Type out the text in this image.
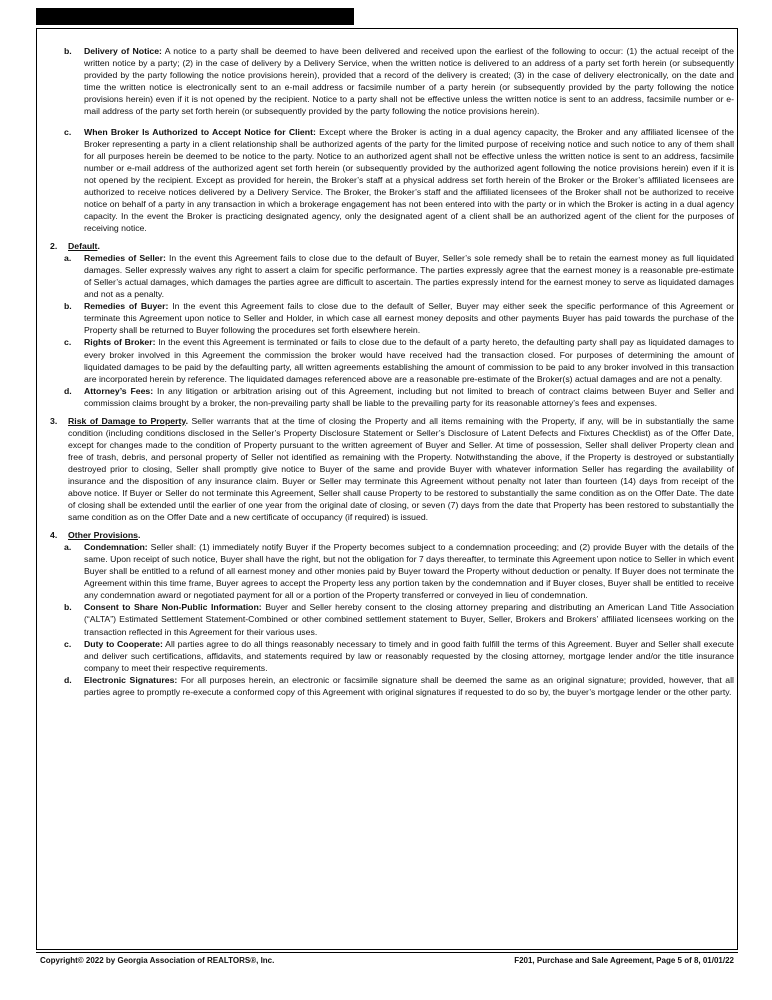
b. Delivery of Notice: A notice to a party shall be deemed to have been delivered and received upon the earliest of the following to occur: (1) the actual receipt of the written notice by a party; (2) in the case of delivery by a Delivery Service, when the written notice is delivered to an address of a party set forth herein (or subsequently provided by the party following the notice provisions herein), provided that a record of the delivery is created; (3) in the case of delivery electronically, on the date and time the written notice is electronically sent to an e-mail address or facsimile number of a party herein (or subsequently provided by the party following the notice provisions herein) even if it is not opened by the recipient. Notice to a party shall not be effective unless the written notice is sent to an address, facsimile number or e-mail address of the party set forth herein (or subsequently provided by the party following the notice provisions herein).

c. When Broker Is Authorized to Accept Notice for Client: Except where the Broker is acting in a dual agency capacity, the Broker and any affiliated licensee of the Broker representing a party in a client relationship shall be authorized agents of the party for the limited purpose of receiving notice and such notice to any of them shall for all purposes herein be deemed to be notice to the party. Notice to an authorized agent shall not be effective unless the written notice is sent to an address, facsimile number or e-mail address of the authorized agent set forth herein (or subsequently provided by the authorized agent following the notice provisions herein) even if it is not opened by the recipient. Except as provided for herein, the Broker’s staff at a physical address set forth herein of the Broker or the Broker’s affiliated licensees are authorized to receive notices delivered by a Delivery Service. The Broker, the Broker’s staff and the affiliated licensees of the Broker shall not be authorized to receive notice on behalf of a party in any transaction in which a brokerage engagement has not been entered into with the party or in which the Broker is acting in a dual agency capacity. In the event the Broker is practicing designated agency, only the designated agent of a client shall be an authorized agent of the client for the purposes of receiving notice.

2. Default.

a. Remedies of Seller: In the event this Agreement fails to close due to the default of Buyer, Seller’s sole remedy shall be to retain the earnest money as full liquidated damages. Seller expressly waives any right to assert a claim for specific performance. The parties expressly agree that the earnest money is a reasonable pre-estimate of Seller’s actual damages, which damages the parties agree are difficult to ascertain. The parties expressly intend for the earnest money to serve as liquidated damages and not as a penalty.

b. Remedies of Buyer: In the event this Agreement fails to close due to the default of Seller, Buyer may either seek the specific performance of this Agreement or terminate this Agreement upon notice to Seller and Holder, in which case all earnest money deposits and other payments Buyer has paid towards the purchase of the Property shall be returned to Buyer following the procedures set forth elsewhere herein.

c. Rights of Broker: In the event this Agreement is terminated or fails to close due to the default of a party hereto, the defaulting party shall pay as liquidated damages to every broker involved in this Agreement the commission the broker would have received had the transaction closed. For purposes of determining the amount of liquidated damages to be paid by the defaulting party, all written agreements establishing the amount of commission to be paid to any broker involved in this transaction are incorporated herein by reference. The liquidated damages referenced above are a reasonable pre-estimate of the Broker(s) actual damages and are not a penalty.

d. Attorney’s Fees: In any litigation or arbitration arising out of this Agreement, including but not limited to breach of contract claims between Buyer and Seller and commission claims brought by a broker, the non-prevailing party shall be liable to the prevailing party for its reasonable attorney’s fees and expenses.

3. Risk of Damage to Property. Seller warrants that at the time of closing the Property and all items remaining with the Property, if any, will be in substantially the same condition (including conditions disclosed in the Seller’s Property Disclosure Statement or Seller’s Disclosure of Latent Defects and Fixtures Checklist) as of the Offer Date, except for changes made to the condition of Property pursuant to the written agreement of Buyer and Seller. At time of possession, Seller shall deliver Property clean and free of trash, debris, and personal property of Seller not identified as remaining with the Property. Notwithstanding the above, if the Property is destroyed or substantially destroyed prior to closing, Seller shall promptly give notice to Buyer of the same and provide Buyer with whatever information Seller has regarding the availability of insurance and the disposition of any insurance claim. Buyer or Seller may terminate this Agreement without penalty not later than fourteen (14) days from receipt of the above notice. If Buyer or Seller do not terminate this Agreement, Seller shall cause Property to be restored to substantially the same condition as on the Offer Date. The date of closing shall be extended until the earlier of one year from the original date of closing, or seven (7) days from the date that Property has been restored to substantially the same condition as on the Offer Date and a new certificate of occupancy (if required) is issued.

4. Other Provisions.

a. Condemnation: Seller shall: (1) immediately notify Buyer if the Property becomes subject to a condemnation proceeding; and (2) provide Buyer with the details of the same. Upon receipt of such notice, Buyer shall have the right, but not the obligation for 7 days thereafter, to terminate this Agreement upon notice to Seller in which event Buyer shall be entitled to a refund of all earnest money and other monies paid by Buyer toward the Property without deduction or penalty. If Buyer does not terminate the Agreement within this time frame, Buyer agrees to accept the Property less any portion taken by the condemnation and if Buyer closes, Buyer shall be entitled to receive any condemnation award or negotiated payment for all or a portion of the Property transferred or conveyed in lieu of condemnation.

b. Consent to Share Non-Public Information: Buyer and Seller hereby consent to the closing attorney preparing and distributing an American Land Title Association (“ALTA”) Estimated Settlement Statement-Combined or other combined settlement statement to Buyer, Seller, Brokers and Brokers’ affiliated licensees working on the transaction reflected in this Agreement for their various uses.

c. Duty to Cooperate: All parties agree to do all things reasonably necessary to timely and in good faith fulfill the terms of this Agreement. Buyer and Seller shall execute and deliver such certifications, affidavits, and statements required by law or reasonably requested by the closing attorney, mortgage lender and/or the title insurance company to meet their respective requirements.

d. Electronic Signatures: For all purposes herein, an electronic or facsimile signature shall be deemed the same as an original signature; provided, however, that all parties agree to promptly re-execute a conformed copy of this Agreement with original signatures if requested to do so by, the buyer’s mortgage lender or the other party.

Copyright© 2022 by Georgia Association of REALTORS®, Inc.	F201, Purchase and Sale Agreement, Page 5 of 8, 01/01/22
